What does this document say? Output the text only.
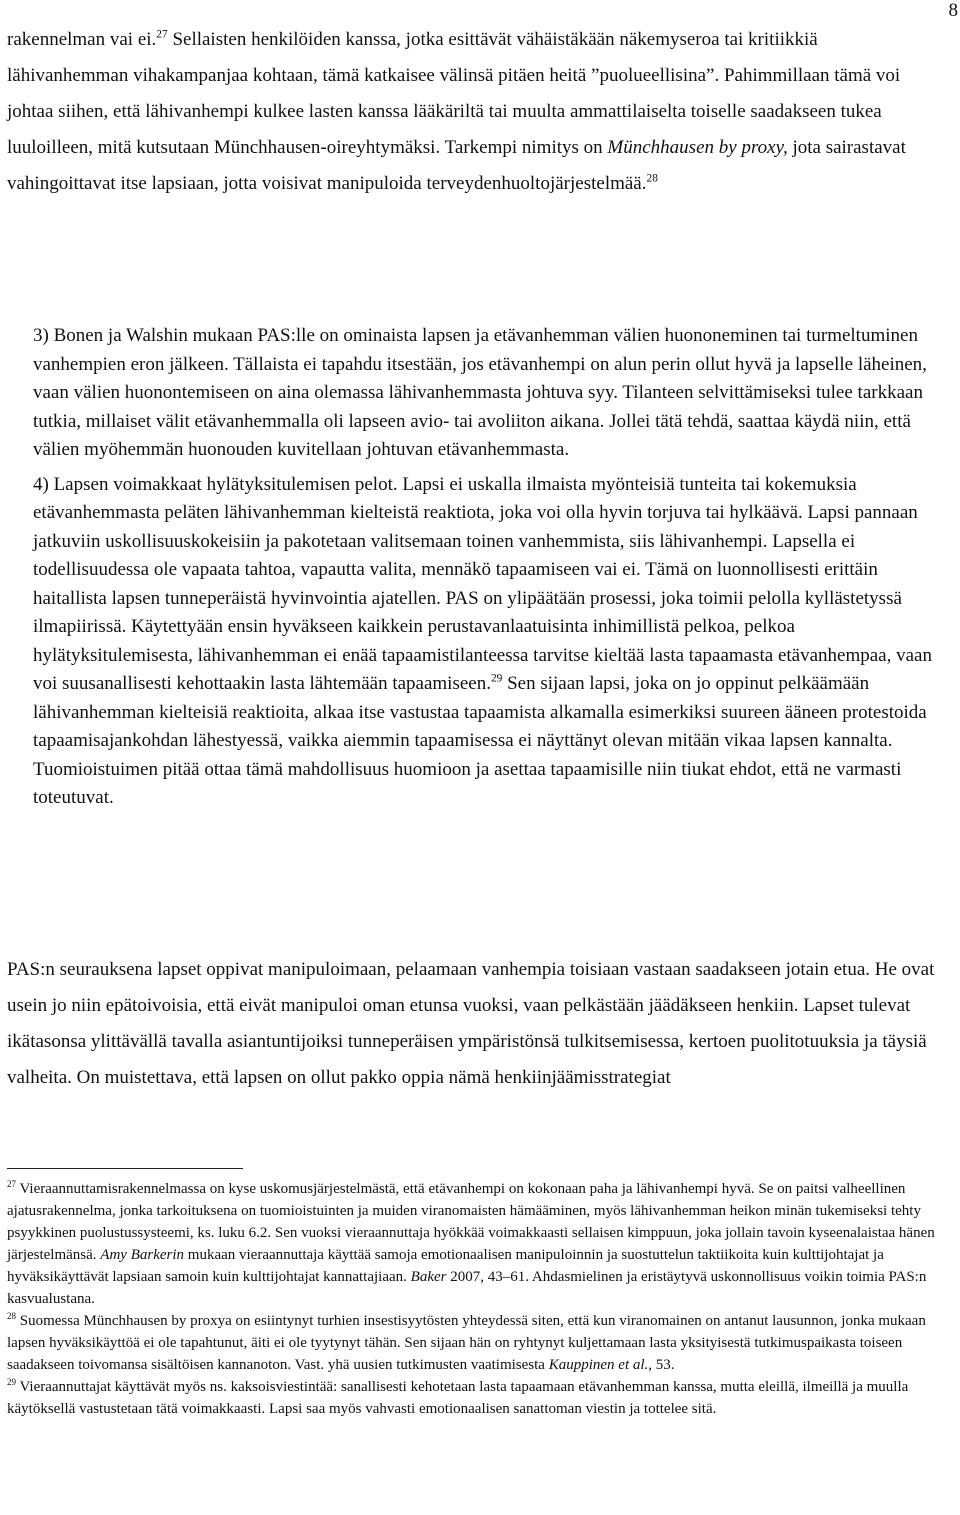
8
rakennelman vai ei.$^{27}$ Sellaisten henkilöiden kanssa, jotka esittävät vähäistäkään näkemyseroa tai kritiikkiä lähivanhemman vihakampanjaa kohtaan, tämä katkaisee välinsä pitäen heitä ”puolueellisina”. Pahimmillaan tämä voi johtaa siihen, että lähivanhempi kulkee lasten kanssa lääkäriltä tai muulta ammattilaiselta toiselle saadakseen tukea luuloilleen, mitä kutsutaan Münchhausen-oireyhtymäksi. Tarkempi nimitys on Münchhausen by proxy, jota sairastavat vahingoittavat itse lapsiaan, jotta voisivat manipuloida terveydenhuoltojärjestelmää.$^{28}$

3) Bonen ja Walshin mukaan PAS:lle on ominaista lapsen ja etävanhemman välien huononeminen tai turmeltuminen vanhempien eron jälkeen. Tällaista ei tapahdu itsestään, jos etävanhempi on alun perin ollut hyvä ja lapselle läheinen, vaan välien huonontemiseen on aina olemassa lähivanhemmasta johtuva syy. Tilanteen selvittämiseksi tulee tarkkaan tutkia, millaiset välit etävanhemmalla oli lapseen avio- tai avoliiton aikana. Jollei tätä tehdä, saattaa käydä niin, että välien myöhemmän huonouden kuvitellaan johtuvan etävanhemmasta.

4) Lapsen voimakkaat hylätyksitulemisen pelot. Lapsi ei uskalla ilmaista myönteisiä tunteita tai kokemuksia etävanhemmasta peläten lähivanhemman kielteistä reaktiota, joka voi olla hyvin torjuva tai hylkäävä. Lapsi pannaan jatkuviin uskollisuuskokeisiin ja pakotetaan valitsemaan toinen vanhemmista, siis lähivanhempi. Lapsella ei todellisuudessa ole vapaata tahtoa, vapautta valita, mennäkö tapaamiseen vai ei. Tämä on luonnollisesti erittäin haitallista lapsen tunneperäistä hyvinvointia ajatellen. PAS on ylipäätään prosessi, joka toimii pelolla kyllästetyssä ilmapiirissä. Käytettyään ensin hyväkseen kaikkein perustavanlaatuisinta inhimillistä pelkoa, pelkoa hylätyksitulemisesta, lähivanhemman ei enää tapaamistilanteessa tarvitse kieltää lasta tapaamasta etävanhempaa, vaan voi suusanallisesti kehottaakin lasta lähtemään tapaamiseen.$^{29}$ Sen sijaan lapsi, joka on jo oppinut pelkäämään lähivanhemman kielteisiä reaktioita, alkaa itse vastustaa tapaamista alkamalla esimerkiksi suureen ääneen protestoida tapaamisajankohdan lähestyessä, vaikka aiemmin tapaamisessa ei näyttänyt olevan mitään vikaa lapsen kannalta. Tuomioistuimen pitää ottaa tämä mahdollisuus huomioon ja asettaa tapaamisille niin tiukat ehdot, että ne varmasti toteutuvat.

PAS:n seurauksena lapset oppivat manipuloimaan, pelaamaan vanhempia toisiaan vastaan saadakseen jotain etua. He ovat usein jo niin epätoivoisia, että eivät manipuloi oman etunsa vuoksi, vaan pelkästään jäädäkseen henkiin. Lapset tulevat ikätasonsa ylittävällä tavalla asiantuntijoiksi tunneperäisen ympäristönsä tulkitsemisessa, kertoen puolitotuuksia ja täysiä valheita. On muistettava, että lapsen on ollut pakko oppia nämä henkiinjäämisstrategiat

$^{27}$ Vieraannuttamisrakennelmassa on kyse uskomusjärjestelmästä, että etävanhempi on kokonaan paha ja lähivanhempi hyvä. Se on paitsi valheellinen ajatusrakennelma, jonka tarkoituksena on tuomioistuinten ja muiden viranomaisten hämääminen, myös lähivanhemman heikon minän tukemiseksi tehty psyykkinen puolustussysteemi, ks. luku 6.2. Sen vuoksi vieraannuttaja hyökkää voimakkaasti sellaisen kimppuun, joka jollain tavoin kyseenalaistaa hänen järjestelmänsä. Amy Barkerin mukaan vieraannuttaja käyttää samoja emotionaalisen manipuloinnin ja suostuttelun taktiikoita kuin kulttijohtajat ja hyväksikäyttävät lapsiaan samoin kuin kulttijohtajat kannattajiaan. Baker 2007, 43–61. Ahdasmielinen ja eristäytyvä uskonnollisuus voikin toimia PAS:n kasvualustana.

$^{28}$ Suomessa Münchhausen by proxya on esiintynyt turhien insestisyytösten yhteydessä siten, että kun viranomainen on antanut lausunnon, jonka mukaan lapsen hyväksikäyttöä ei ole tapahtunut, äiti ei ole tyytynyt tähän. Sen sijaan hän on ryhtynyt kuljettamaan lasta yksityisestä tutkimuspaikasta toiseen saadakseen toivomansa sisältöisen kannanoton. Vast. yhä uusien tutkimusten vaatimisesta Kauppinen et al., 53.

$^{29}$ Vieraannuttajat käyttävät myös ns. kaksoisviestintää: sanallisesti kehotetaan lasta tapaamaan etävanhemman kanssa, mutta eleillä, ilmeillä ja muulla käytöksellä vastustetaan tätä voimakkaasti. Lapsi saa myös vahvasti emotionaalisen sanattoman viestin ja tottelee sitä.
